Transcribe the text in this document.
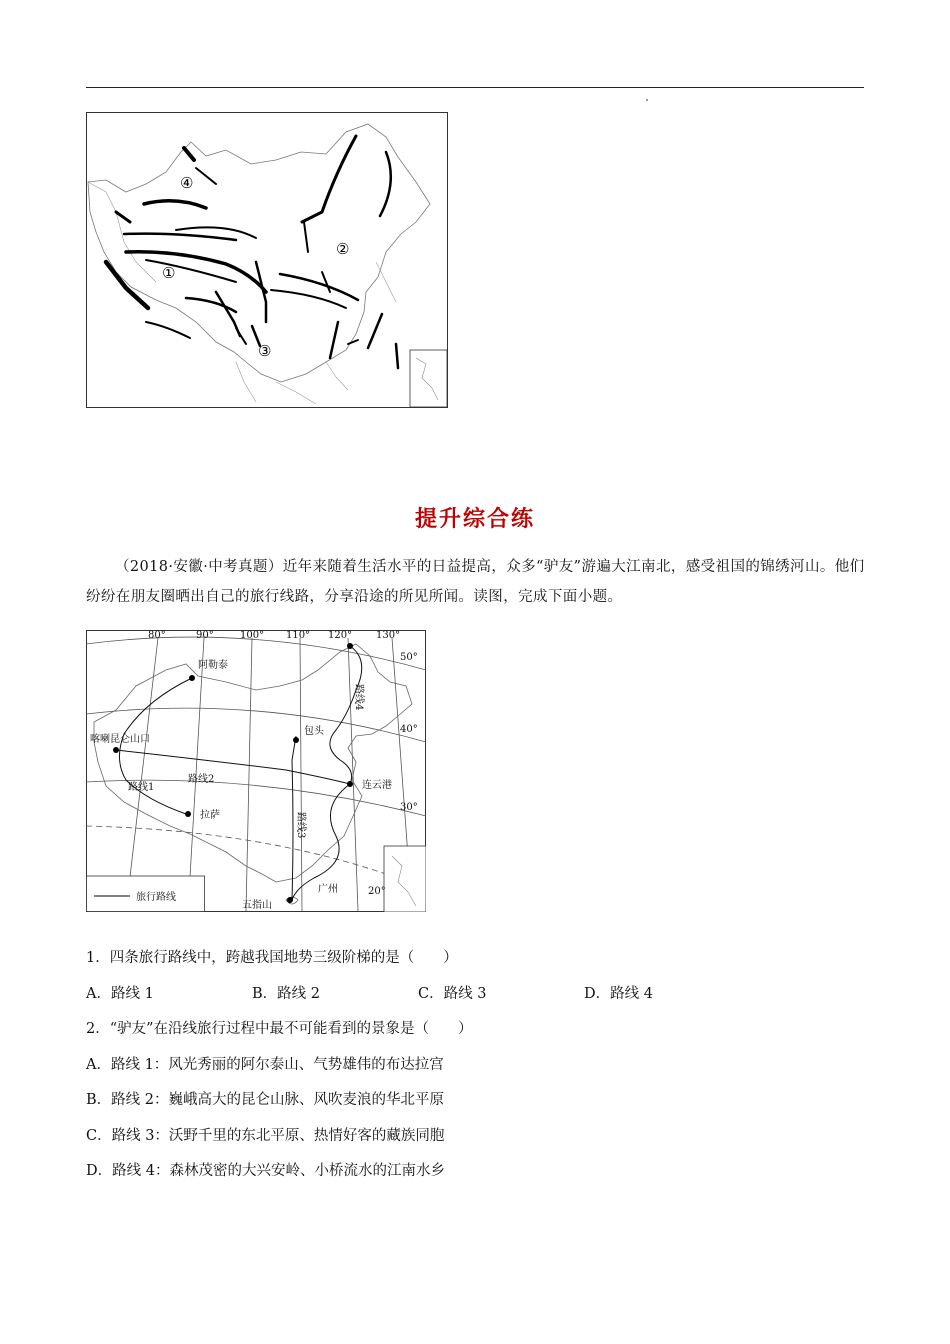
④
②
①
③
提升综合练
（2018·安徽·中考真题）近年来随着生活水平的日益提高，众多“驴友”游遍大江南北，感受祖国的锦绣河山。他们纷纷在朋友圈晒出自己的旅行线路，分享沿途的所见所闻。读图，完成下面小题。
80°	90°	100° 110° 120° 130°
50°
40°
30°
20°
阿勒泰
喀喇昆仑山口
包头
连云港
拉萨
广州
五指山
路线1
路线2
路线3
路线4
旅行路线
1．四条旅行路线中，跨越我国地势三级阶梯的是（　　）
A．路线 1	B．路线 2	C．路线 3	D．路线 4
2．“驴友”在沿线旅行过程中最不可能看到的景象是（　　）
A．路线 1：风光秀丽的阿尔泰山、气势雄伟的布达拉宫
B．路线 2：巍峨高大的昆仑山脉、风吹麦浪的华北平原
C．路线 3：沃野千里的东北平原、热情好客的藏族同胞
D．路线 4：森林茂密的大兴安岭、小桥流水的江南水乡
